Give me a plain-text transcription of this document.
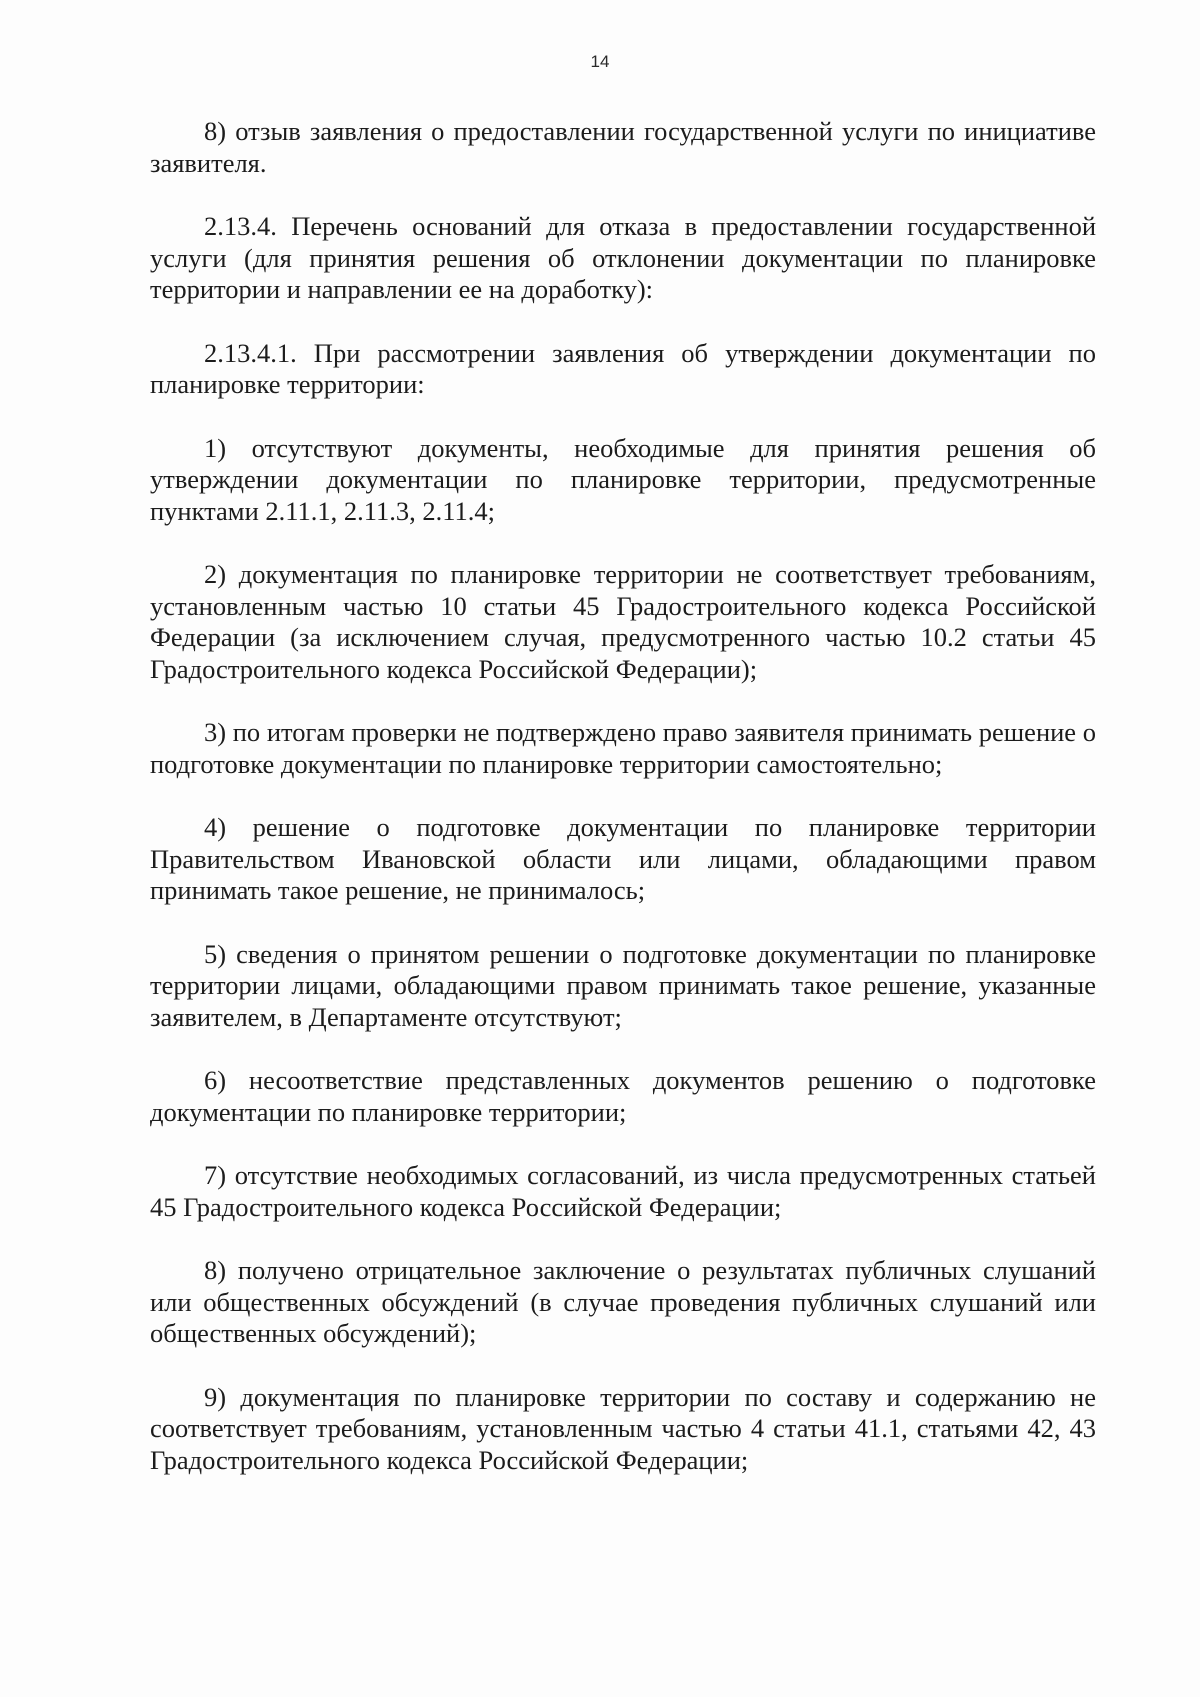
14

8) отзыв заявления о предоставлении государственной услуги по инициативе заявителя.

2.13.4. Перечень оснований для отказа в предоставлении государственной услуги (для принятия решения об отклонении документации по планировке территории и направлении ее на доработку):

2.13.4.1. При рассмотрении заявления об утверждении документации по планировке территории:

1) отсутствуют документы, необходимые для принятия решения об утверждении документации по планировке территории, предусмотренные пунктами 2.11.1, 2.11.3, 2.11.4;

2) документация по планировке территории не соответствует требованиям, установленным частью 10 статьи 45 Градостроительного кодекса Российской Федерации (за исключением случая, предусмотренного частью 10.2 статьи 45 Градостроительного кодекса Российской Федерации);

3) по итогам проверки не подтверждено право заявителя принимать решение о подготовке документации по планировке территории самостоятельно;

4) решение о подготовке документации по планировке территории Правительством Ивановской области или лицами, обладающими правом принимать такое решение, не принималось;

5) сведения о принятом решении о подготовке документации по планировке территории лицами, обладающими правом принимать такое решение, указанные заявителем, в Департаменте отсутствуют;

6) несоответствие представленных документов решению о подготовке документации по планировке территории;

7) отсутствие необходимых согласований, из числа предусмотренных статьей 45 Градостроительного кодекса Российской Федерации;

8) получено отрицательное заключение о результатах публичных слушаний или общественных обсуждений (в случае проведения публичных слушаний или общественных обсуждений);

9) документация по планировке территории по составу и содержанию не соответствует требованиям, установленным частью 4 статьи 41.1, статьями 42, 43 Градостроительного кодекса Российской Федерации;
